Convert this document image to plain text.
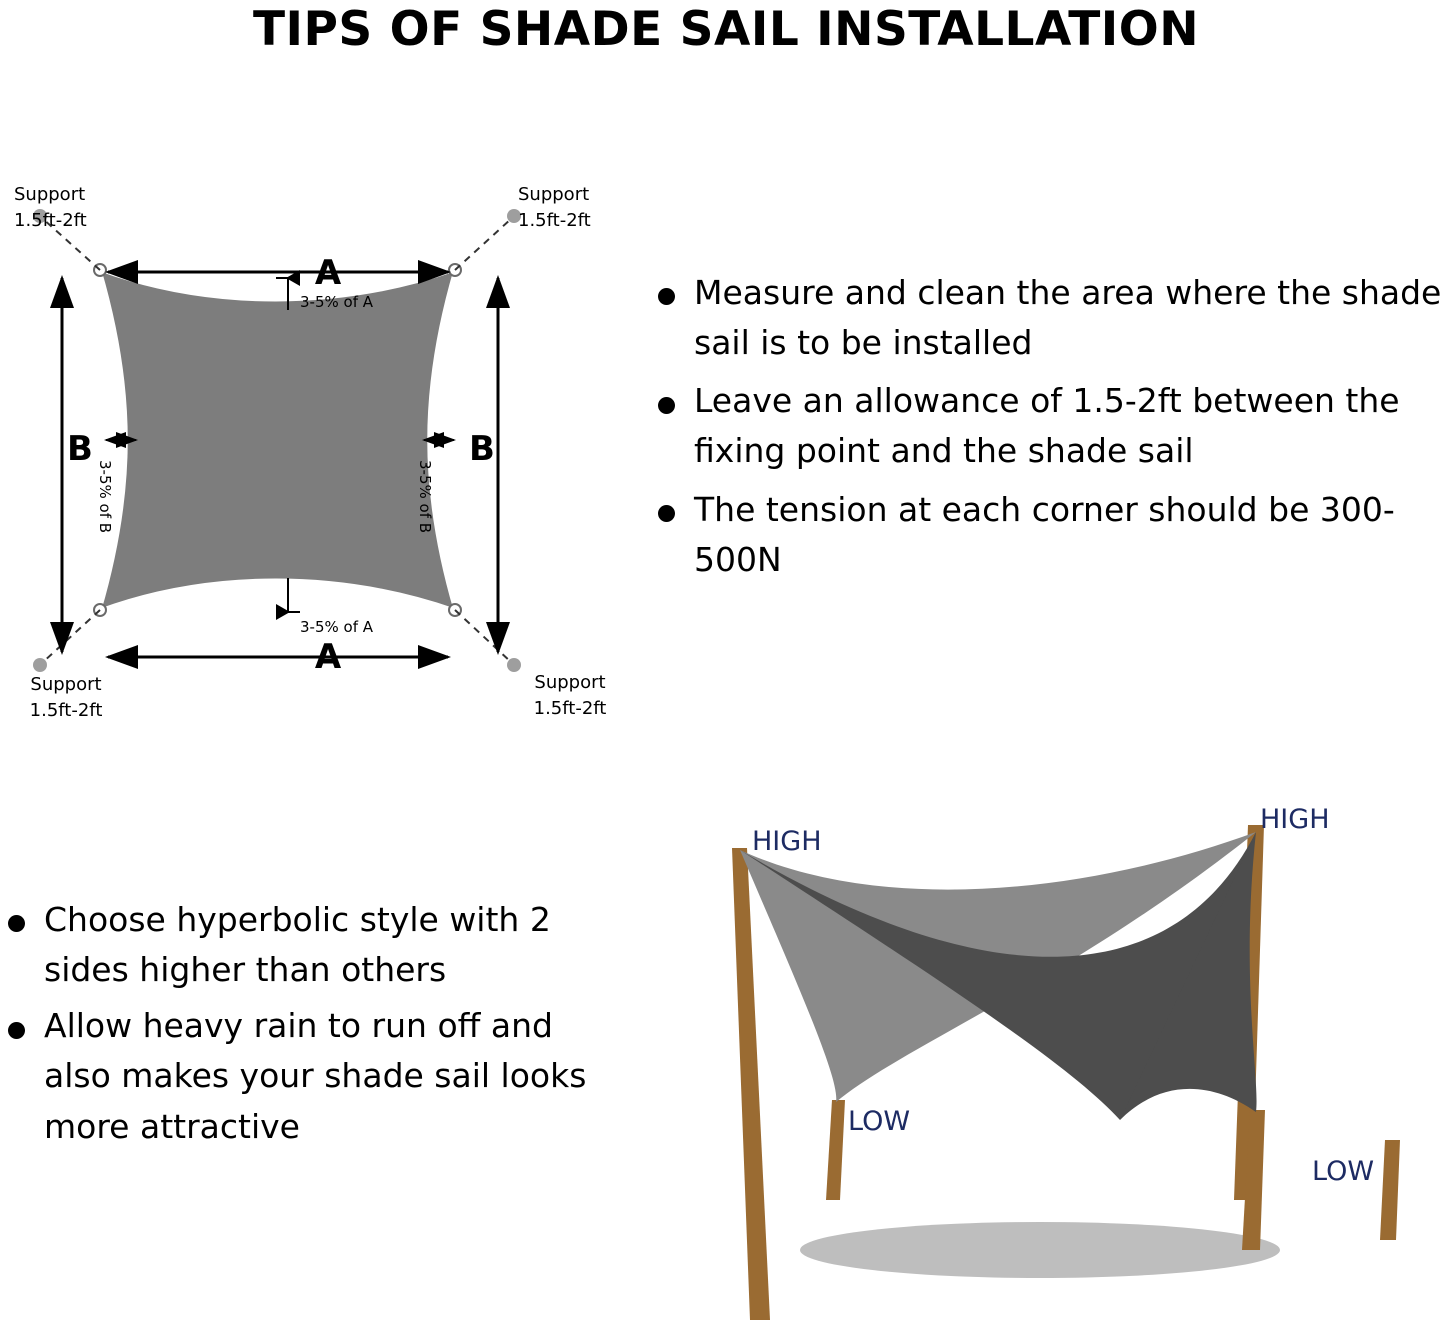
TIPS OF SHADE SAIL INSTALLATION
A
A
B	B
3-5% of A
3-5% of A
3-5% of B	3-5% of B
Support
1.5ft-2ft
Support
1.5ft-2ft
Support
1.5ft-2ft
Support
1.5ft-2ft
Measure and clean the area where the shade sail is to be installed
Leave an allowance of 1.5-2ft between the fixing point and the shade sail
The tension at each corner should be 300-500N
Choose hyperbolic style with 2 sides higher than others
Allow heavy rain to run off and also makes your shade sail looks more attractive
HIGH
HIGH
LOW
LOW
